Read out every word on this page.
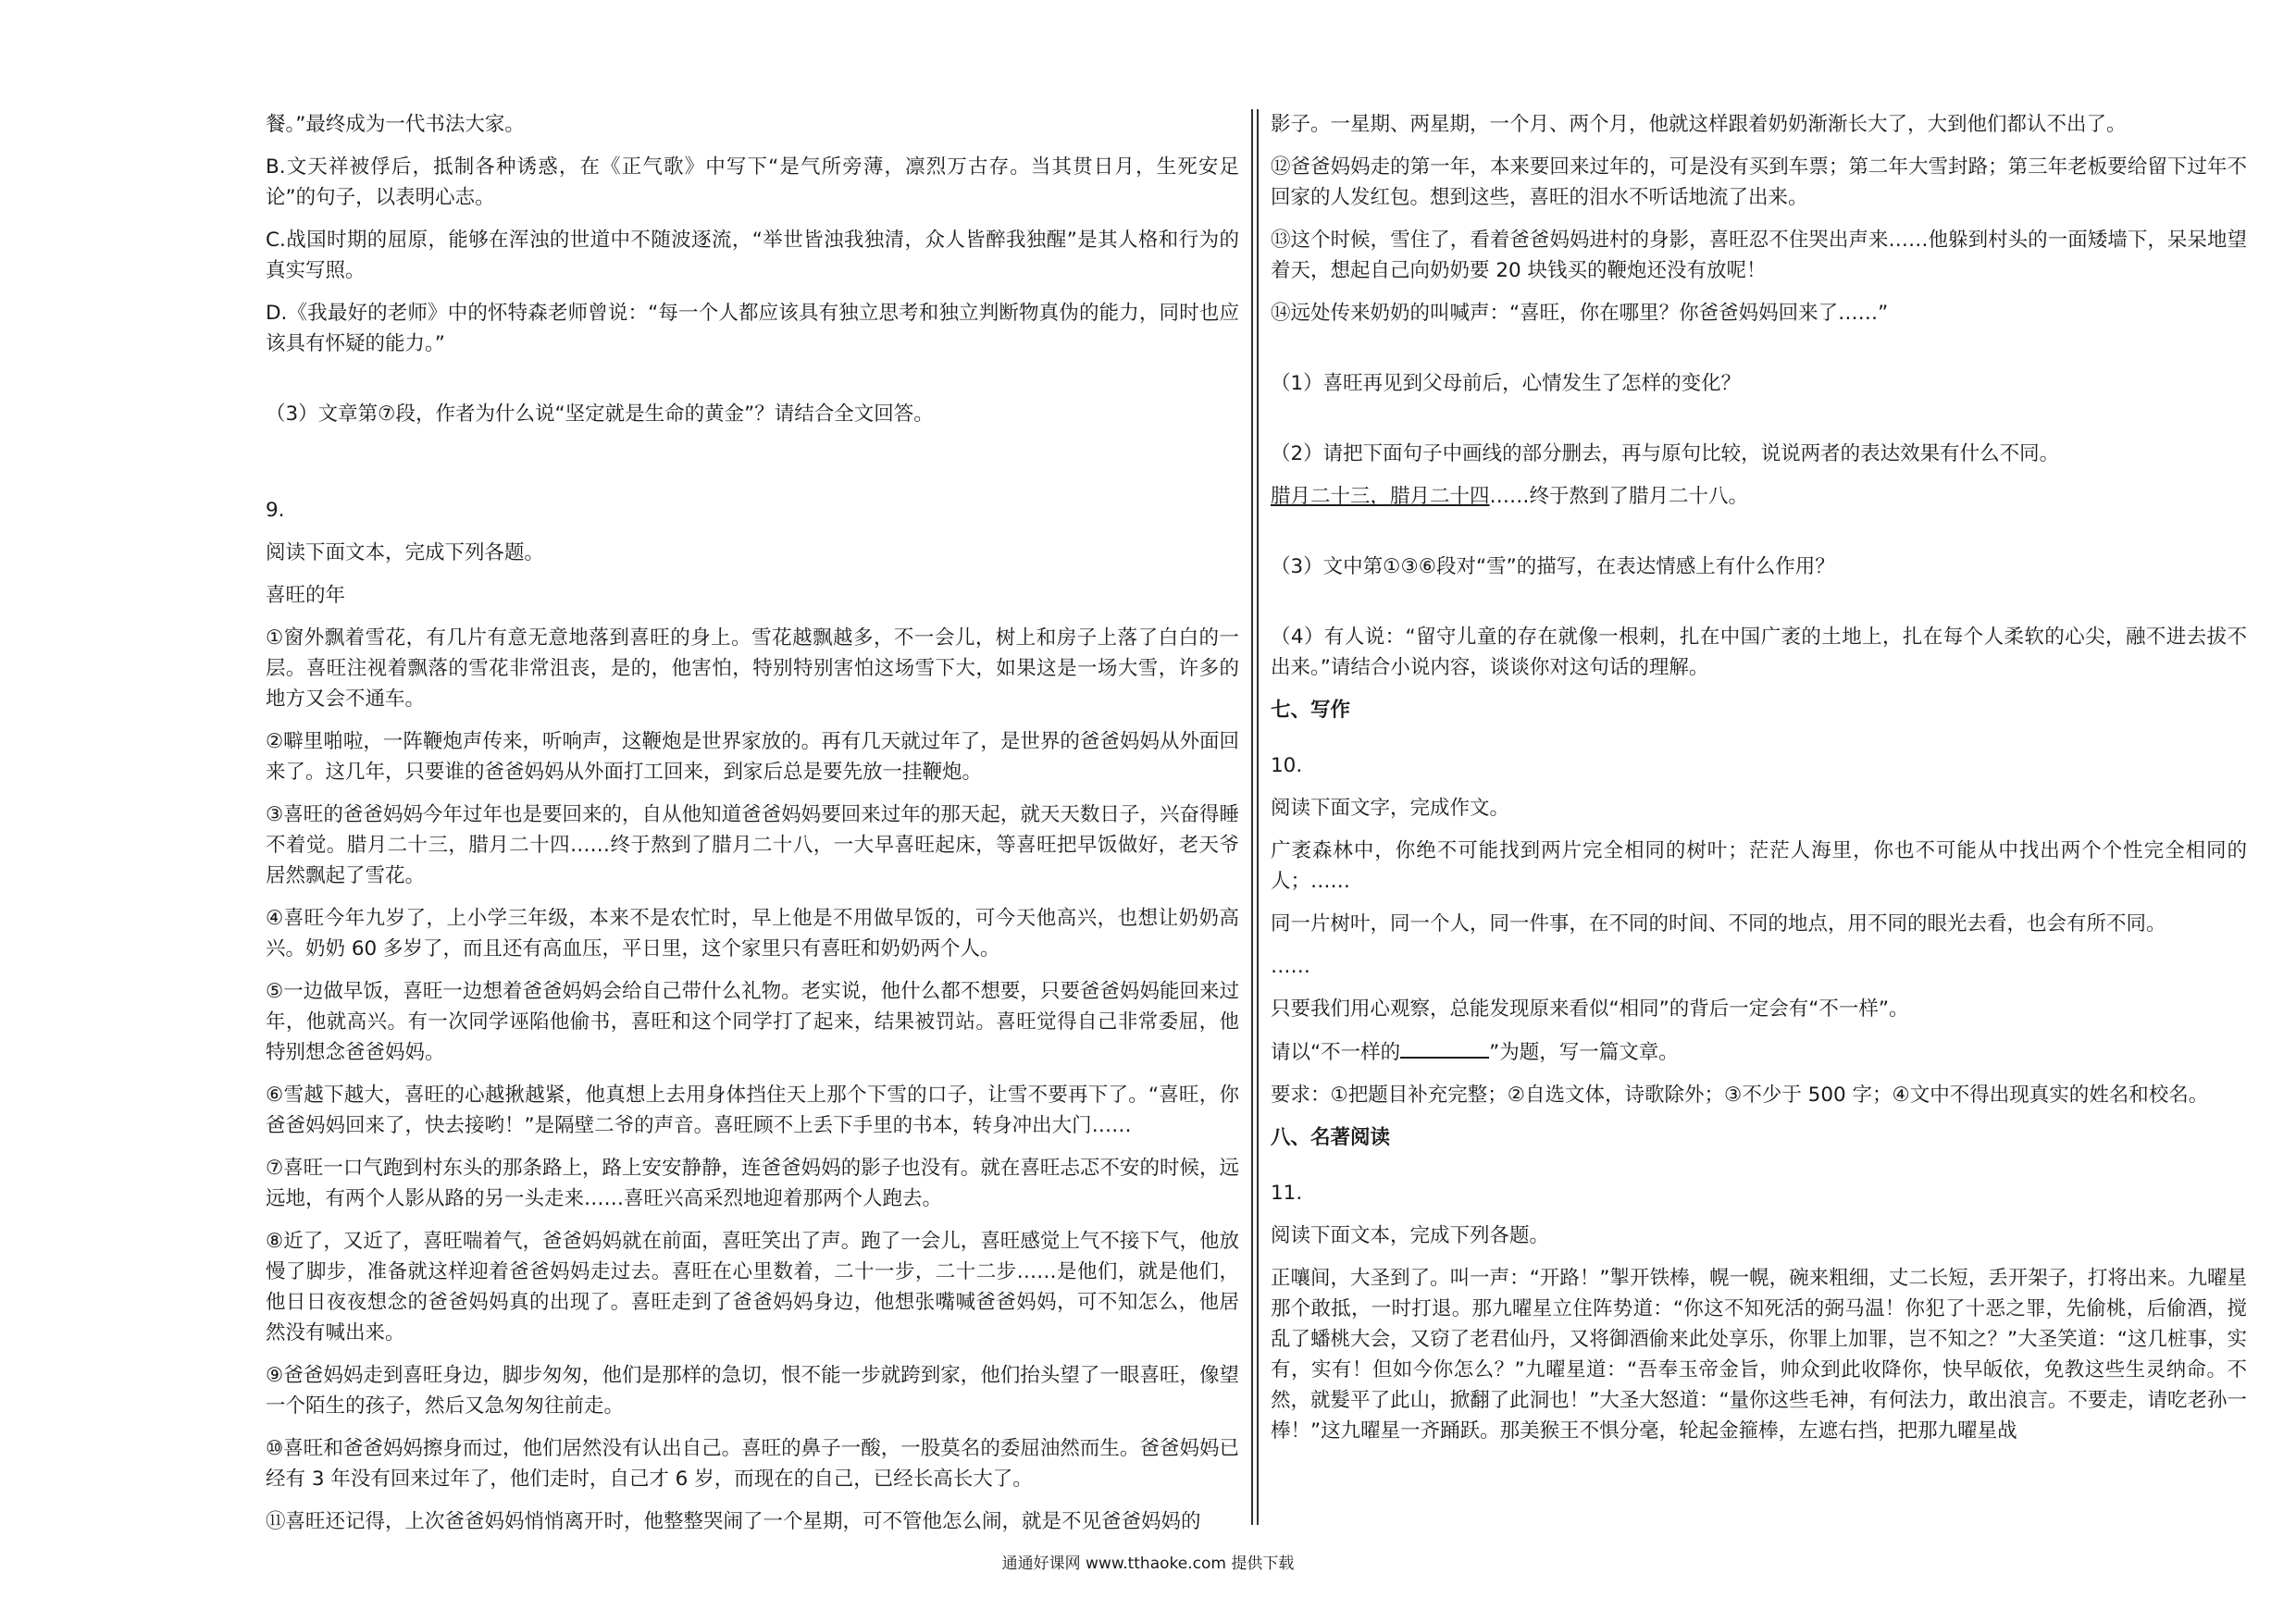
餐。”最终成为一代书法大家。

B.文天祥被俘后，抵制各种诱惑，在《正气歌》中写下“是气所旁薄，凛烈万古存。当其贯日月，生死安足论”的句子，以表明心志。

C.战国时期的屈原，能够在浑浊的世道中不随波逐流，“举世皆浊我独清，众人皆醉我独醒”是其人格和行为的真实写照。

D.《我最好的老师》中的怀特森老师曾说：“每一个人都应该具有独立思考和独立判断物真伪的能力，同时也应该具有怀疑的能力。”

（3）文章第⑦段，作者为什么说“坚定就是生命的黄金”？请结合全文回答。

9.

阅读下面文本，完成下列各题。

喜旺的年

①窗外飘着雪花，有几片有意无意地落到喜旺的身上。雪花越飘越多，不一会儿，树上和房子上落了白白的一层。喜旺注视着飘落的雪花非常沮丧，是的，他害怕，特别特别害怕这场雪下大，如果这是一场大雪，许多的地方又会不通车。

②噼里啪啦，一阵鞭炮声传来，听响声，这鞭炮是世界家放的。再有几天就过年了，是世界的爸爸妈妈从外面回来了。这几年，只要谁的爸爸妈妈从外面打工回来，到家后总是要先放一挂鞭炮。

③喜旺的爸爸妈妈今年过年也是要回来的，自从他知道爸爸妈妈要回来过年的那天起，就天天数日子，兴奋得睡不着觉。腊月二十三，腊月二十四……终于熬到了腊月二十八，一大早喜旺起床，等喜旺把早饭做好，老天爷居然飘起了雪花。

④喜旺今年九岁了，上小学三年级，本来不是农忙时，早上他是不用做早饭的，可今天他高兴，也想让奶奶高兴。奶奶 60 多岁了，而且还有高血压，平日里，这个家里只有喜旺和奶奶两个人。

⑤一边做早饭，喜旺一边想着爸爸妈妈会给自己带什么礼物。老实说，他什么都不想要，只要爸爸妈妈能回来过年，他就高兴。有一次同学诬陷他偷书，喜旺和这个同学打了起来，结果被罚站。喜旺觉得自己非常委屈，他特别想念爸爸妈妈。

⑥雪越下越大，喜旺的心越揪越紧，他真想上去用身体挡住天上那个下雪的口子，让雪不要再下了。“喜旺，你爸爸妈妈回来了，快去接哟！”是隔壁二爷的声音。喜旺顾不上丢下手里的书本，转身冲出大门……

⑦喜旺一口气跑到村东头的那条路上，路上安安静静，连爸爸妈妈的影子也没有。就在喜旺忐忑不安的时候，远远地，有两个人影从路的另一头走来……喜旺兴高采烈地迎着那两个人跑去。

⑧近了，又近了，喜旺喘着气，爸爸妈妈就在前面，喜旺笑出了声。跑了一会儿，喜旺感觉上气不接下气，他放慢了脚步，准备就这样迎着爸爸妈妈走过去。喜旺在心里数着，二十一步，二十二步……是他们，就是他们，他日日夜夜想念的爸爸妈妈真的出现了。喜旺走到了爸爸妈妈身边，他想张嘴喊爸爸妈妈，可不知怎么，他居然没有喊出来。

⑨爸爸妈妈走到喜旺身边，脚步匆匆，他们是那样的急切，恨不能一步就跨到家，他们抬头望了一眼喜旺，像望一个陌生的孩子，然后又急匆匆往前走。

⑩喜旺和爸爸妈妈擦身而过，他们居然没有认出自己。喜旺的鼻子一酸，一股莫名的委屈油然而生。爸爸妈妈已经有 3 年没有回来过年了，他们走时，自己才 6 岁，而现在的自己，已经长高长大了。

⑪喜旺还记得，上次爸爸妈妈悄悄离开时，他整整哭闹了一个星期，可不管他怎么闹，就是不见爸爸妈妈的

影子。一星期、两星期，一个月、两个月，他就这样跟着奶奶渐渐长大了，大到他们都认不出了。

⑫爸爸妈妈走的第一年，本来要回来过年的，可是没有买到车票；第二年大雪封路；第三年老板要给留下过年不回家的人发红包。想到这些，喜旺的泪水不听话地流了出来。

⑬这个时候，雪住了，看着爸爸妈妈进村的身影，喜旺忍不住哭出声来……他躲到村头的一面矮墙下，呆呆地望着天，想起自己向奶奶要 20 块钱买的鞭炮还没有放呢！

⑭远处传来奶奶的叫喊声：“喜旺，你在哪里？你爸爸妈妈回来了……”

（1）喜旺再见到父母前后，心情发生了怎样的变化？

（2）请把下面句子中画线的部分删去，再与原句比较，说说两者的表达效果有什么不同。

腊月二十三，腊月二十四……终于熬到了腊月二十八。

（3）文中第①③⑥段对“雪”的描写，在表达情感上有什么作用？

（4）有人说：“留守儿童的存在就像一根刺，扎在中国广袤的土地上，扎在每个人柔软的心尖，融不进去拔不出来。”请结合小说内容，谈谈你对这句话的理解。

七、写作

10.

阅读下面文字，完成作文。

广袤森林中，你绝不可能找到两片完全相同的树叶；茫茫人海里，你也不可能从中找出两个个性完全相同的人；……

同一片树叶，同一个人，同一件事，在不同的时间、不同的地点，用不同的眼光去看，也会有所不同。

……

只要我们用心观察，总能发现原来看似“相同”的背后一定会有“不一样”。

请以“不一样的	”为题，写一篇文章。

要求：①把题目补充完整；②自选文体，诗歌除外；③不少于 500 字；④文中不得出现真实的姓名和校名。

八、名著阅读

11.

阅读下面文本，完成下列各题。

正嚷间，大圣到了。叫一声：“开路！”掣开铁棒，幌一幌，碗来粗细，丈二长短，丢开架子，打将出来。九曜星那个敢抵，一时打退。那九曜星立住阵势道：“你这不知死活的弼马温！你犯了十恶之罪，先偷桃，后偷酒，搅乱了蟠桃大会，又窃了老君仙丹，又将御酒偷来此处享乐，你罪上加罪，岂不知之？”大圣笑道：“这几桩事，实有，实有！但如今你怎么？”九曜星道：“吾奉玉帝金旨，帅众到此收降你，快早皈依，免教这些生灵纳命。不然，就髮平了此山，掀翻了此洞也！”大圣大怒道：“量你这些毛神，有何法力，敢出浪言。不要走，请吃老孙一棒！”这九曜星一齐踊跃。那美猴王不惧分毫，轮起金箍棒，左遮右挡，把那九曜星战

通通好课网 www.tthaoke.com 提供下载
